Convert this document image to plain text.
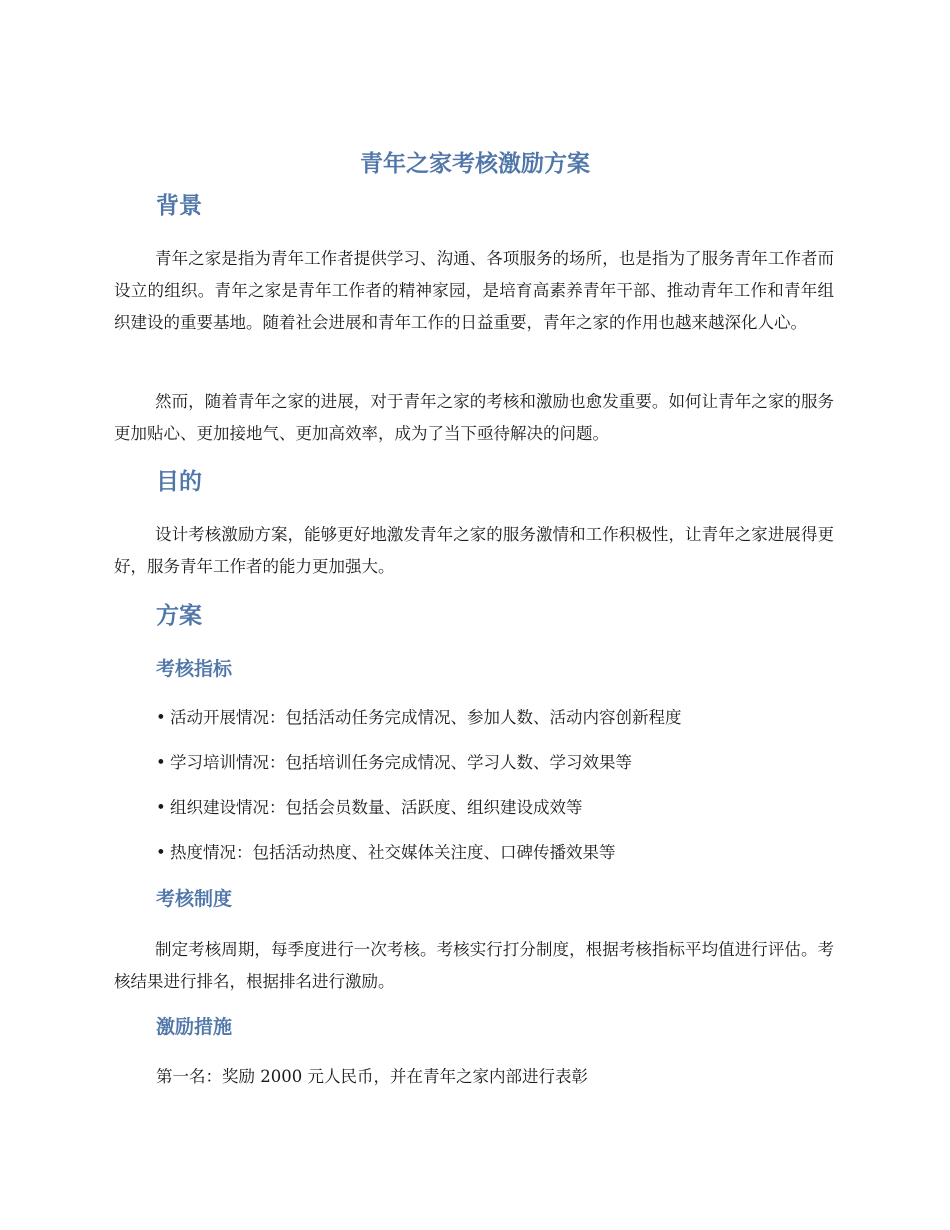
青年之家考核激励方案
背景

青年之家是指为青年工作者提供学习、沟通、各项服务的场所，也是指为了服务青年工作者而设立的组织。青年之家是青年工作者的精神家园，是培育高素养青年干部、推动青年工作和青年组织建设的重要基地。随着社会进展和青年工作的日益重要，青年之家的作用也越来越深化人心。

然而，随着青年之家的进展，对于青年之家的考核和激励也愈发重要。如何让青年之家的服务更加贴心、更加接地气、更加高效率，成为了当下亟待解决的问题。

目的

设计考核激励方案，能够更好地激发青年之家的服务激情和工作积极性，让青年之家进展得更好，服务青年工作者的能力更加强大。

方案
考核指标

• 活动开展情况：包括活动任务完成情况、参加人数、活动内容创新程度

• 学习培训情况：包括培训任务完成情况、学习人数、学习效果等

• 组织建设情况：包括会员数量、活跃度、组织建设成效等

• 热度情况：包括活动热度、社交媒体关注度、口碑传播效果等

考核制度

制定考核周期，每季度进行一次考核。考核实行打分制度，根据考核指标平均值进行评估。考核结果进行排名，根据排名进行激励。

激励措施

第一名：奖励 2000 元人民币，并在青年之家内部进行表彰
